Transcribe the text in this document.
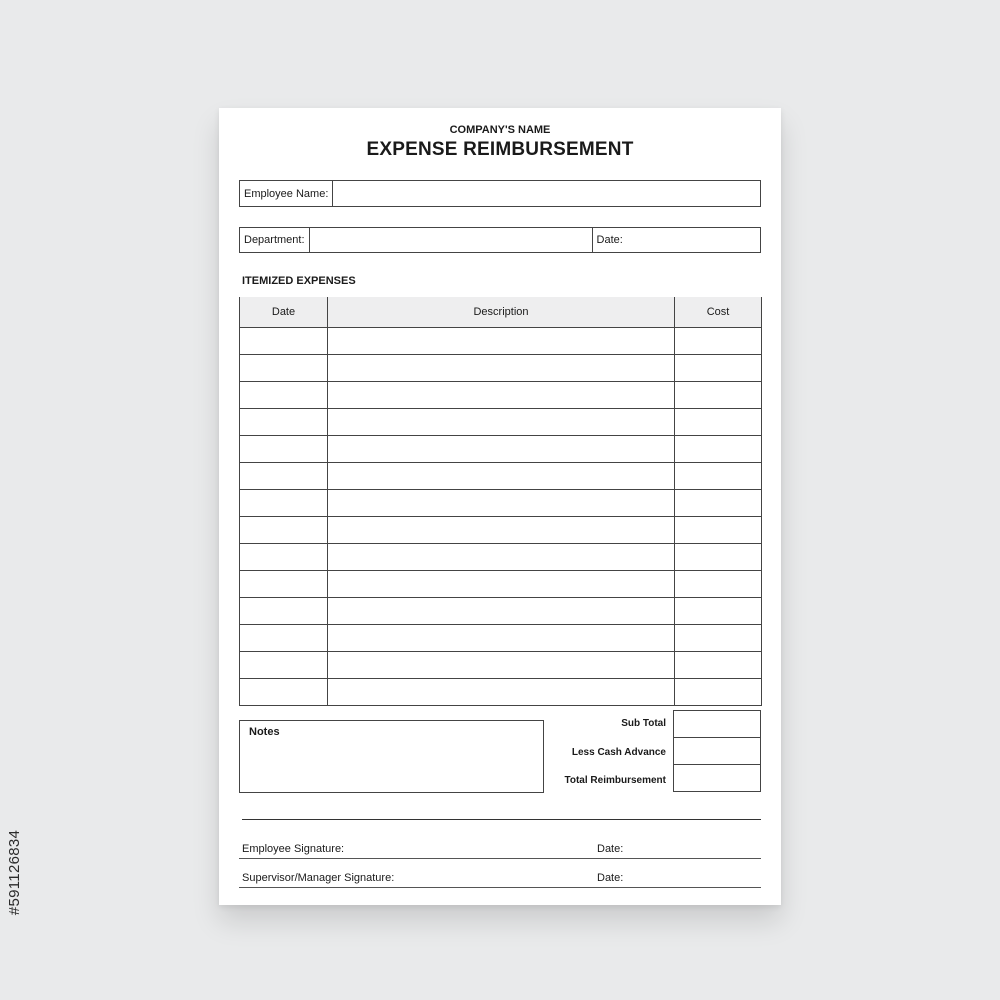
#591126834
COMPANY'S NAME
EXPENSE REIMBURSEMENT
Employee Name:
Department:	Date:
ITEMIZED EXPENSES
Date	Description	Cost

Notes
Sub Total
Less Cash Advance
Total Reimbursement

Employee Signature:	Date:
Supervisor/Manager Signature:	Date:
